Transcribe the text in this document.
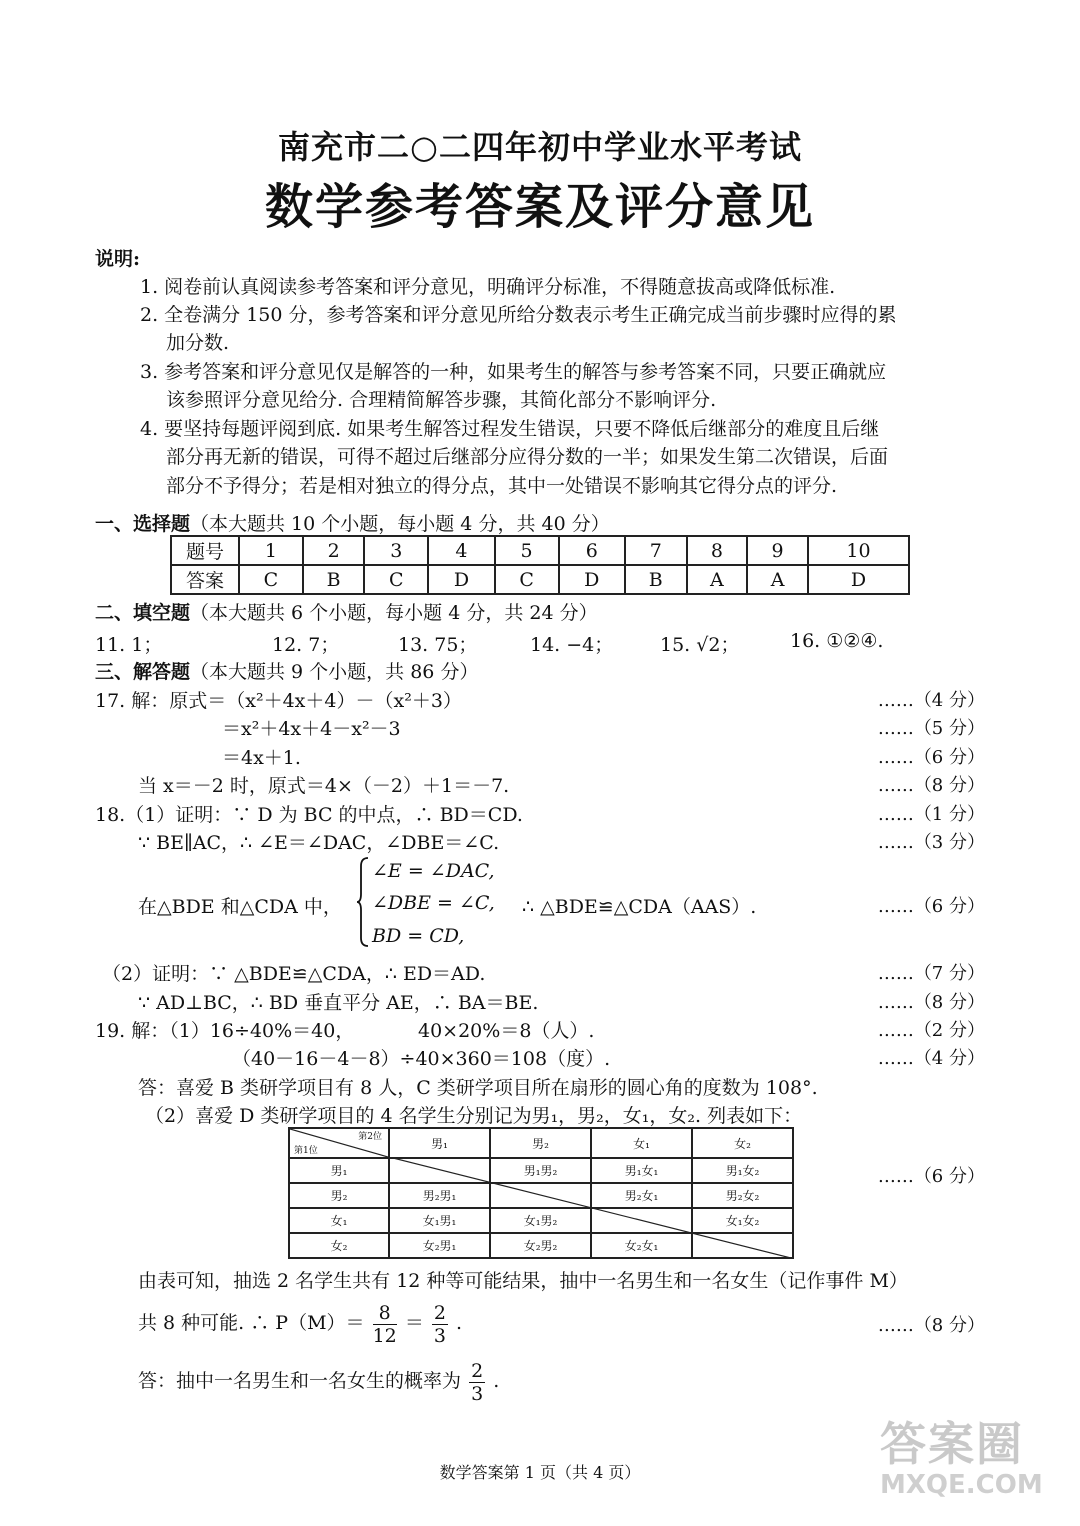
南充市二○二四年初中学业水平考试
数学参考答案及评分意见
说明:
1. 阅卷前认真阅读参考答案和评分意见，明确评分标准，不得随意拔高或降低标准.
2. 全卷满分 150 分，参考答案和评分意见所给分数表示考生正确完成当前步骤时应得的累
加分数.
3. 参考答案和评分意见仅是解答的一种，如果考生的解答与参考答案不同，只要正确就应
该参照评分意见给分. 合理精简解答步骤，其简化部分不影响评分.
4. 要坚持每题评阅到底. 如果考生解答过程发生错误，只要不降低后继部分的难度且后继
部分再无新的错误，可得不超过后继部分应得分数的一半；如果发生第二次错误，后面
部分不予得分；若是相对独立的得分点，其中一处错误不影响其它得分点的评分.
一、选择题（本大题共 10 个小题，每小题 4 分，共 40 分）
题号	1	2	3	4	5	6	7	8	9	10
答案	C	B	C	D	C	D	B	A	A	D
二、填空题（本大题共 6 个小题，每小题 4 分，共 24 分）
11. 1；	12. 7；	13. 75；	14. −4； 15. √2；	16. ①②④.
三、解答题（本大题共 9 个小题，共 86 分）
17. 解：原式＝（x²＋4x＋4）－（x²＋3）	……（4 分）
＝x²＋4x＋4－x²－3	……（5 分）
＝4x＋1.	……（6 分）
当 x＝－2 时，原式＝4×（－2）＋1＝－7.	……（8 分）
18.（1）证明：∵ D 为 BC 的中点，∴ BD＝CD.	……（1 分）
∵ BE∥AC，∴ ∠E＝∠DAC，∠DBE＝∠C.	……（3 分）
在△BDE 和△CDA 中，
∠E = ∠DAC,
∠DBE = ∠C,
BD = CD,
∴ △BDE≌△CDA（AAS）.	……（6 分）
（2）证明：∵ △BDE≌△CDA，∴ ED＝AD.	……（7 分）
∵ AD⊥BC，∴ BD 垂直平分 AE，∴ BA＝BE.	……（8 分）
19. 解：（1）16÷40%＝40，	40×20%＝8（人）.	……（2 分）
（40－16－4－8）÷40×360＝108（度）.	……（4 分）
答：喜爱 B 类研学项目有 8 人，C 类研学项目所在扇形的圆心角的度数为 108°.
（2）喜爱 D 类研学项目的 4 名学生分别记为男₁，男₂，女₁，女₂. 列表如下：
第2位
第1位	男₁	男₂	女₁	女₂
男₁		男₁男₂	男₁女₁	男₁女₂
男₂	男₂男₁		男₂女₁	男₂女₂
女₁	女₁男₁	女₁男₂		女₁女₂
女₂	女₂男₁	女₂男₂	女₂女₁	
……（6 分）
由表可知，抽选 2 名学生共有 12 种等可能结果，抽中一名男生和一名女生（记作事件 M）
共 8 种可能. ∴ $P(M)= \frac{8}{12} = \frac{2}{3}$ .	……（8 分）
答：抽中一名男生和一名女生的概率为 $\frac{2}{3}$ .
数学答案第 1 页（共 4 页）
答案圈
MXQE.COM
